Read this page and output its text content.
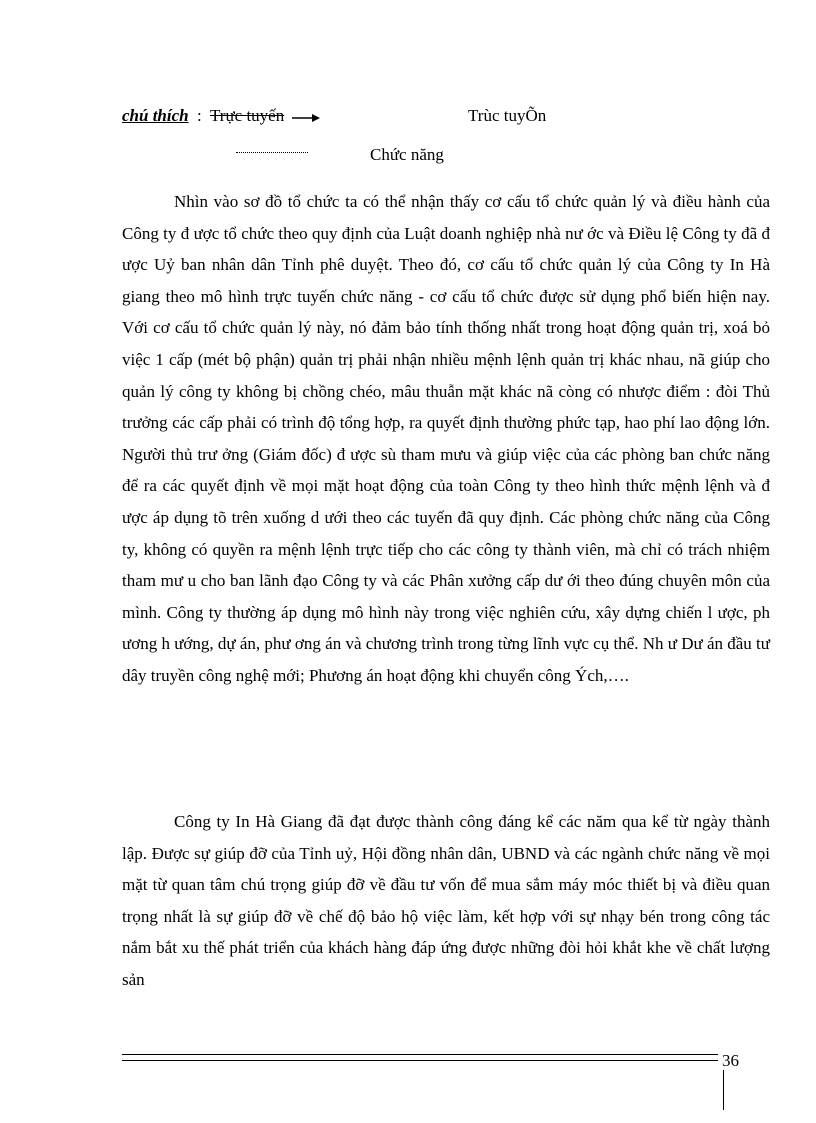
chú thích : Trực tuyến	Trùc tuyÕn
Chức năng

Nhìn vào sơ đồ tổ chức ta có thể nhận thấy cơ cấu tổ chức quản lý và điều hành của Công ty đ ược tổ chức theo quy định của Luật doanh nghiệp nhà nư ớc và Điều lệ Công ty đã đ ược Uỷ ban nhân dân Tỉnh phê duyệt. Theo đó, cơ cấu tổ chức quản lý của Công ty In Hà giang theo mô hình trực tuyến chức năng - cơ cấu tổ chức được sử dụng phổ biến hiện nay. Với cơ cấu tổ chức quản lý này, nó đảm bảo tính thống nhất trong hoạt động quản trị, xoá bỏ việc 1 cấp (mét bộ phận) quản trị phải nhận nhiều mệnh lệnh quản trị khác nhau, nã giúp cho quản lý công ty không bị chồng chéo, mâu thuẫn mặt khác nã còng có nhược điểm : đòi Thủ trưởng các cấp phải có trình độ tổng hợp, ra quyết định thường phức tạp, hao phí lao động lớn. Người thủ trư ởng (Giám đốc) đ ược sù tham mưu và giúp việc của các phòng ban chức năng để ra các quyết định về mọi mặt hoạt động của toàn Công ty theo hình thức mệnh lệnh và đ ược áp dụng tõ trên xuống d ưới theo các tuyến đã quy định. Các phòng chức năng của Công ty, không có quyền ra mệnh lệnh trực tiếp cho các công ty thành viên, mà chỉ có trách nhiệm tham mư u cho ban lãnh đạo Công ty và các Phân xưởng cấp dư ới theo đúng chuyên môn của mình. Công ty thường áp dụng mô hình này trong việc nghiên cứu, xây dựng chiến l ược, ph ương h ướng, dự án, phư ơng án và chương trình trong từng lĩnh vực cụ thể. Nh ư Dư án đầu tư dây truyền công nghệ mới; Phương án hoạt động khi chuyển công Ých,….

Công ty In Hà Giang đã đạt được thành công đáng kể các năm qua kể từ ngày thành lập. Được sự giúp đỡ của Tỉnh uỷ, Hội đồng nhân dân, UBND và các ngành chức năng về mọi mặt từ quan tâm chú trọng giúp đỡ về đầu tư vốn để mua sắm máy móc thiết bị và điều quan trọng nhất là sự giúp đỡ về chế độ bảo hộ việc làm, kết hợp với sự nhạy bén trong công tác nắm bắt xu thế phát triển của khách hàng đáp ứng được những đòi hỏi khắt khe về chất lượng sản

36
